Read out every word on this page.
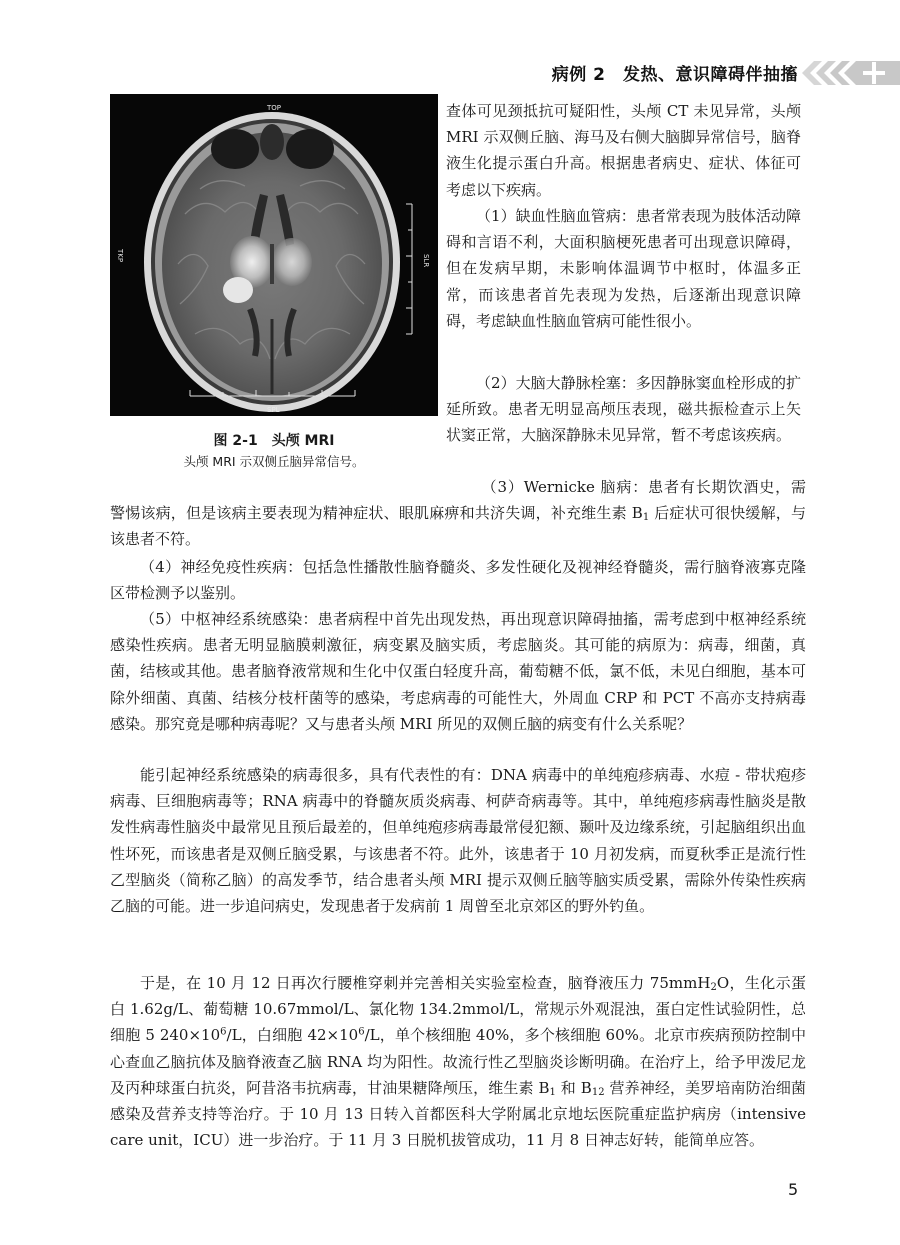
病例 2　发热、意识障碍伴抽搐
TOP
SLR
TKP
SPL
图 2-1　头颅 MRI
头颅 MRI 示双侧丘脑异常信号。

查体可见颈抵抗可疑阳性，头颅 CT 未见异常，头颅 MRI 示双侧丘脑、海马及右侧大脑脚异常信号，脑脊液生化提示蛋白升高。根据患者病史、症状、体征可考虑以下疾病。

（1）缺血性脑血管病：患者常表现为肢体活动障碍和言语不利，大面积脑梗死患者可出现意识障碍，但在发病早期，未影响体温调节中枢时，体温多正常，而该患者首先表现为发热，后逐渐出现意识障碍，考虑缺血性脑血管病可能性很小。

（2）大脑大静脉栓塞：多因静脉窦血栓形成的扩延所致。患者无明显高颅压表现，磁共振检查示上矢状窦正常，大脑深静脉未见异常，暂不考虑该疾病。

（3）Wernicke 脑病：患者有长期饮酒史，需警惕该病，但是该病主要表现为精神症状、眼肌麻痹和共济失调，补充维生素 $B_1$ 后症状可很快缓解，与该患者不符。

（4）神经免疫性疾病：包括急性播散性脑脊髓炎、多发性硬化及视神经脊髓炎，需行脑脊液寡克隆区带检测予以鉴别。

（5）中枢神经系统感染：患者病程中首先出现发热，再出现意识障碍抽搐，需考虑到中枢神经系统感染性疾病。患者无明显脑膜刺激征，病变累及脑实质，考虑脑炎。其可能的病原为：病毒，细菌，真菌，结核或其他。患者脑脊液常规和生化中仅蛋白轻度升高，葡萄糖不低，氯不低，未见白细胞，基本可除外细菌、真菌、结核分枝杆菌等的感染，考虑病毒的可能性大，外周血 CRP 和 PCT 不高亦支持病毒感染。那究竟是哪种病毒呢？又与患者头颅 MRI 所见的双侧丘脑的病变有什么关系呢？

能引起神经系统感染的病毒很多，具有代表性的有：DNA 病毒中的单纯疱疹病毒、水痘 - 带状疱疹病毒、巨细胞病毒等；RNA 病毒中的脊髓灰质炎病毒、柯萨奇病毒等。其中，单纯疱疹病毒性脑炎是散发性病毒性脑炎中最常见且预后最差的，但单纯疱疹病毒最常侵犯额、颞叶及边缘系统，引起脑组织出血性坏死，而该患者是双侧丘脑受累，与该患者不符。此外，该患者于 10 月初发病，而夏秋季正是流行性乙型脑炎（简称乙脑）的高发季节，结合患者头颅 MRI 提示双侧丘脑等脑实质受累，需除外传染性疾病乙脑的可能。进一步追问病史，发现患者于发病前 1 周曾至北京郊区的野外钓鱼。

于是，在 10 月 12 日再次行腰椎穿刺并完善相关实验室检查，脑脊液压力 75mmH$_2$O，生化示蛋白 1.62g/L、葡萄糖 10.67mmol/L、氯化物 134.2mmol/L，常规示外观混浊，蛋白定性试验阴性，总细胞 5 $240\times 10^6/L$，白细胞 $42\times 10^6/L$，单个核细胞 40%，多个核细胞 60%。北京市疾病预防控制中心查血乙脑抗体及脑脊液查乙脑 RNA 均为阳性。故流行性乙型脑炎诊断明确。在治疗上，给予甲泼尼龙及丙种球蛋白抗炎，阿昔洛韦抗病毒，甘油果糖降颅压，维生素 $B_1$ 和 $B_{12}$ 营养神经，美罗培南防治细菌感染及营养支持等治疗。于 10 月 13 日转入首都医科大学附属北京地坛医院重症监护病房（intensive care unit，ICU）进一步治疗。于 11 月 3 日脱机拔管成功，11 月 8 日神志好转，能简单应答。

5
